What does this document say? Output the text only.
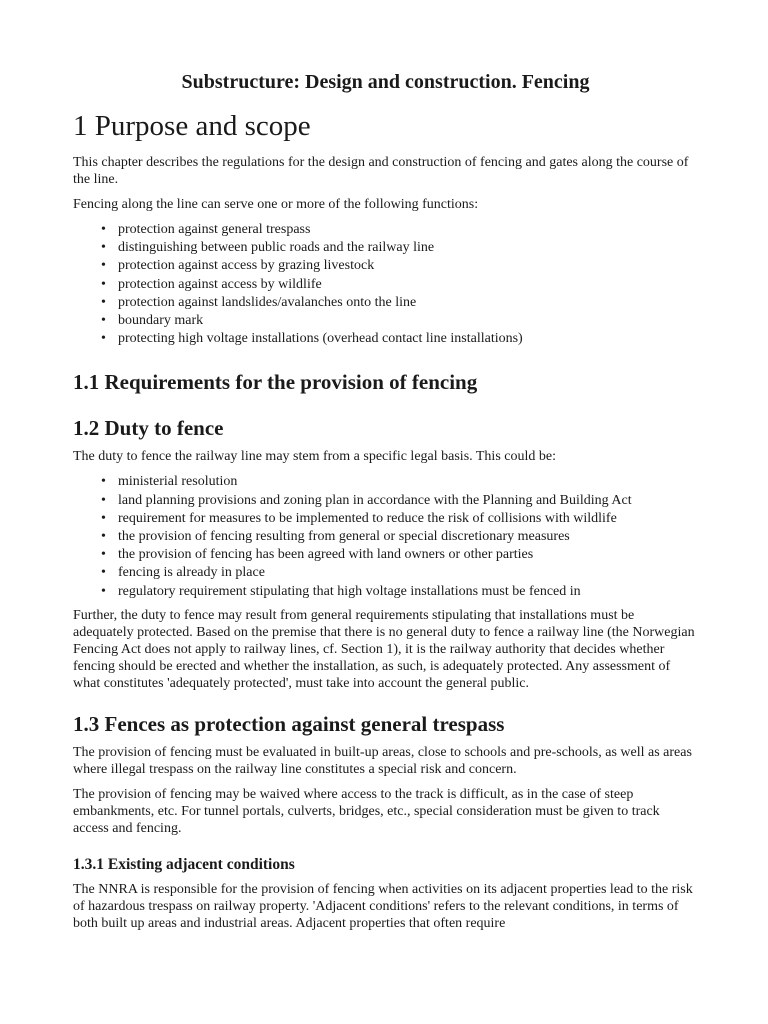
Substructure: Design and construction. Fencing
1 Purpose and scope

This chapter describes the regulations for the design and construction of fencing and gates along the course of the line.

Fencing along the line can serve one or more of the following functions:

• protection against general trespass
• distinguishing between public roads and the railway line
• protection against access by grazing livestock
• protection against access by wildlife
• protection against landslides/avalanches onto the line
• boundary mark
• protecting high voltage installations (overhead contact line installations)
1.1 Requirements for the provision of fencing
1.2 Duty to fence

The duty to fence the railway line may stem from a specific legal basis. This could be:

• ministerial resolution
• land planning provisions and zoning plan in accordance with the Planning and Building Act
• requirement for measures to be implemented to reduce the risk of collisions with wildlife
• the provision of fencing resulting from general or special discretionary measures
• the provision of fencing has been agreed with land owners or other parties
• fencing is already in place
• regulatory requirement stipulating that high voltage installations must be fenced in

Further, the duty to fence may result from general requirements stipulating that installations must be adequately protected. Based on the premise that there is no general duty to fence a railway line (the Norwegian Fencing Act does not apply to railway lines, cf. Section 1), it is the railway authority that decides whether fencing should be erected and whether the installation, as such, is adequately protected. Any assessment of what constitutes 'adequately protected', must take into account the general public.

1.3 Fences as protection against general trespass

The provision of fencing must be evaluated in built-up areas, close to schools and pre-schools, as well as areas where illegal trespass on the railway line constitutes a special risk and concern.

The provision of fencing may be waived where access to the track is difficult, as in the case of steep embankments, etc. For tunnel portals, culverts, bridges, etc., special consideration must be given to track access and fencing.

1.3.1 Existing adjacent conditions

The NNRA is responsible for the provision of fencing when activities on its adjacent properties lead to the risk of hazardous trespass on railway property. 'Adjacent conditions' refers to the relevant conditions, in terms of both built up areas and industrial areas. Adjacent properties that often require
